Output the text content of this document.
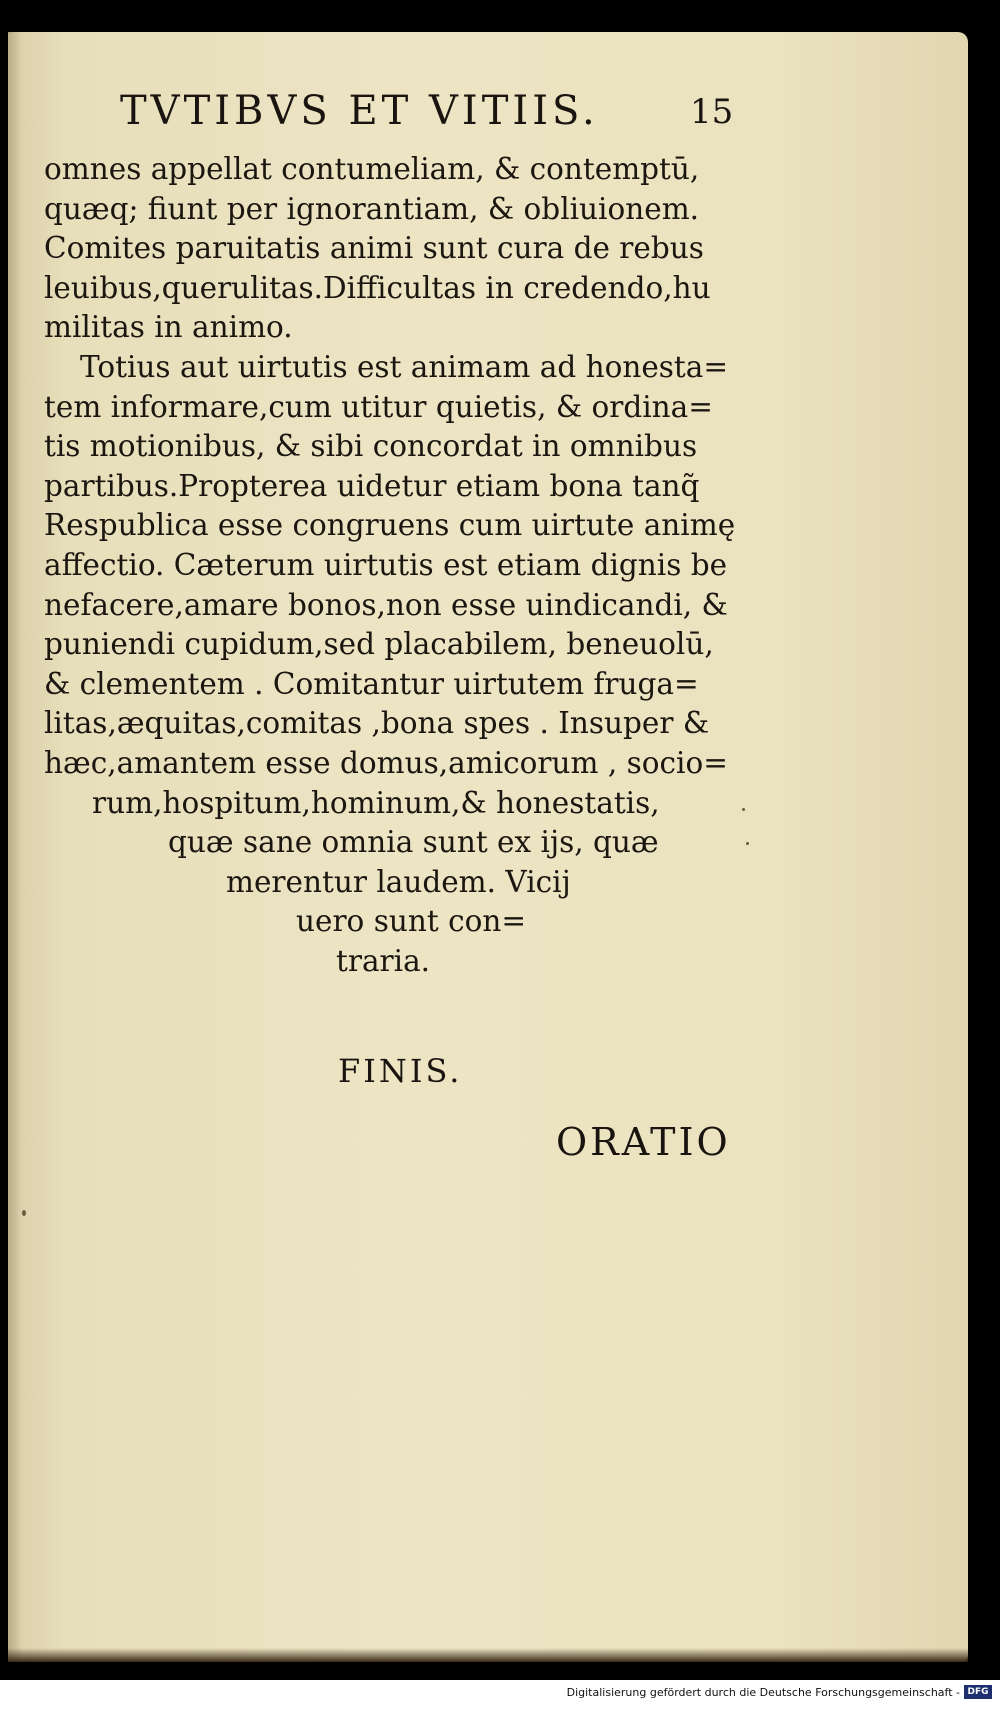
TVTIBVS ET VITIIS.	15
omnes appellat contumeliam, & contemptū,
quæq; fiunt per ignorantiam, & obliuionem.
Comites paruitatis animi sunt cura de rebus
leuibus,querulitas.Difficultas in credendo,hu
militas in animo.
Totius aut uirtutis est animam ad honesta=
tem informare,cum utitur quietis, & ordina=
tis motionibus, & sibi concordat in omnibus
partibus.Propterea uidetur etiam bona tanq̃
Respublica esse congruens cum uirtute animę
affectio. Cæterum uirtutis est etiam dignis be
nefacere,amare bonos,non esse uindicandi, &
puniendi cupidum,sed placabilem, beneuolū,
& clementem . Comitantur uirtutem fruga=
litas,æquitas,comitas ,bona spes . Insuper &
hæc,amantem esse domus,amicorum , socio=
rum,hospitum,hominum,& honestatis,
quæ sane omnia sunt ex ijs, quæ
merentur laudem. Vicij
uero sunt con=
traria.
FINIS.
ORATIO
Digitalisierung gefördert durch die Deutsche Forschungsgemeinschaft - DFG
